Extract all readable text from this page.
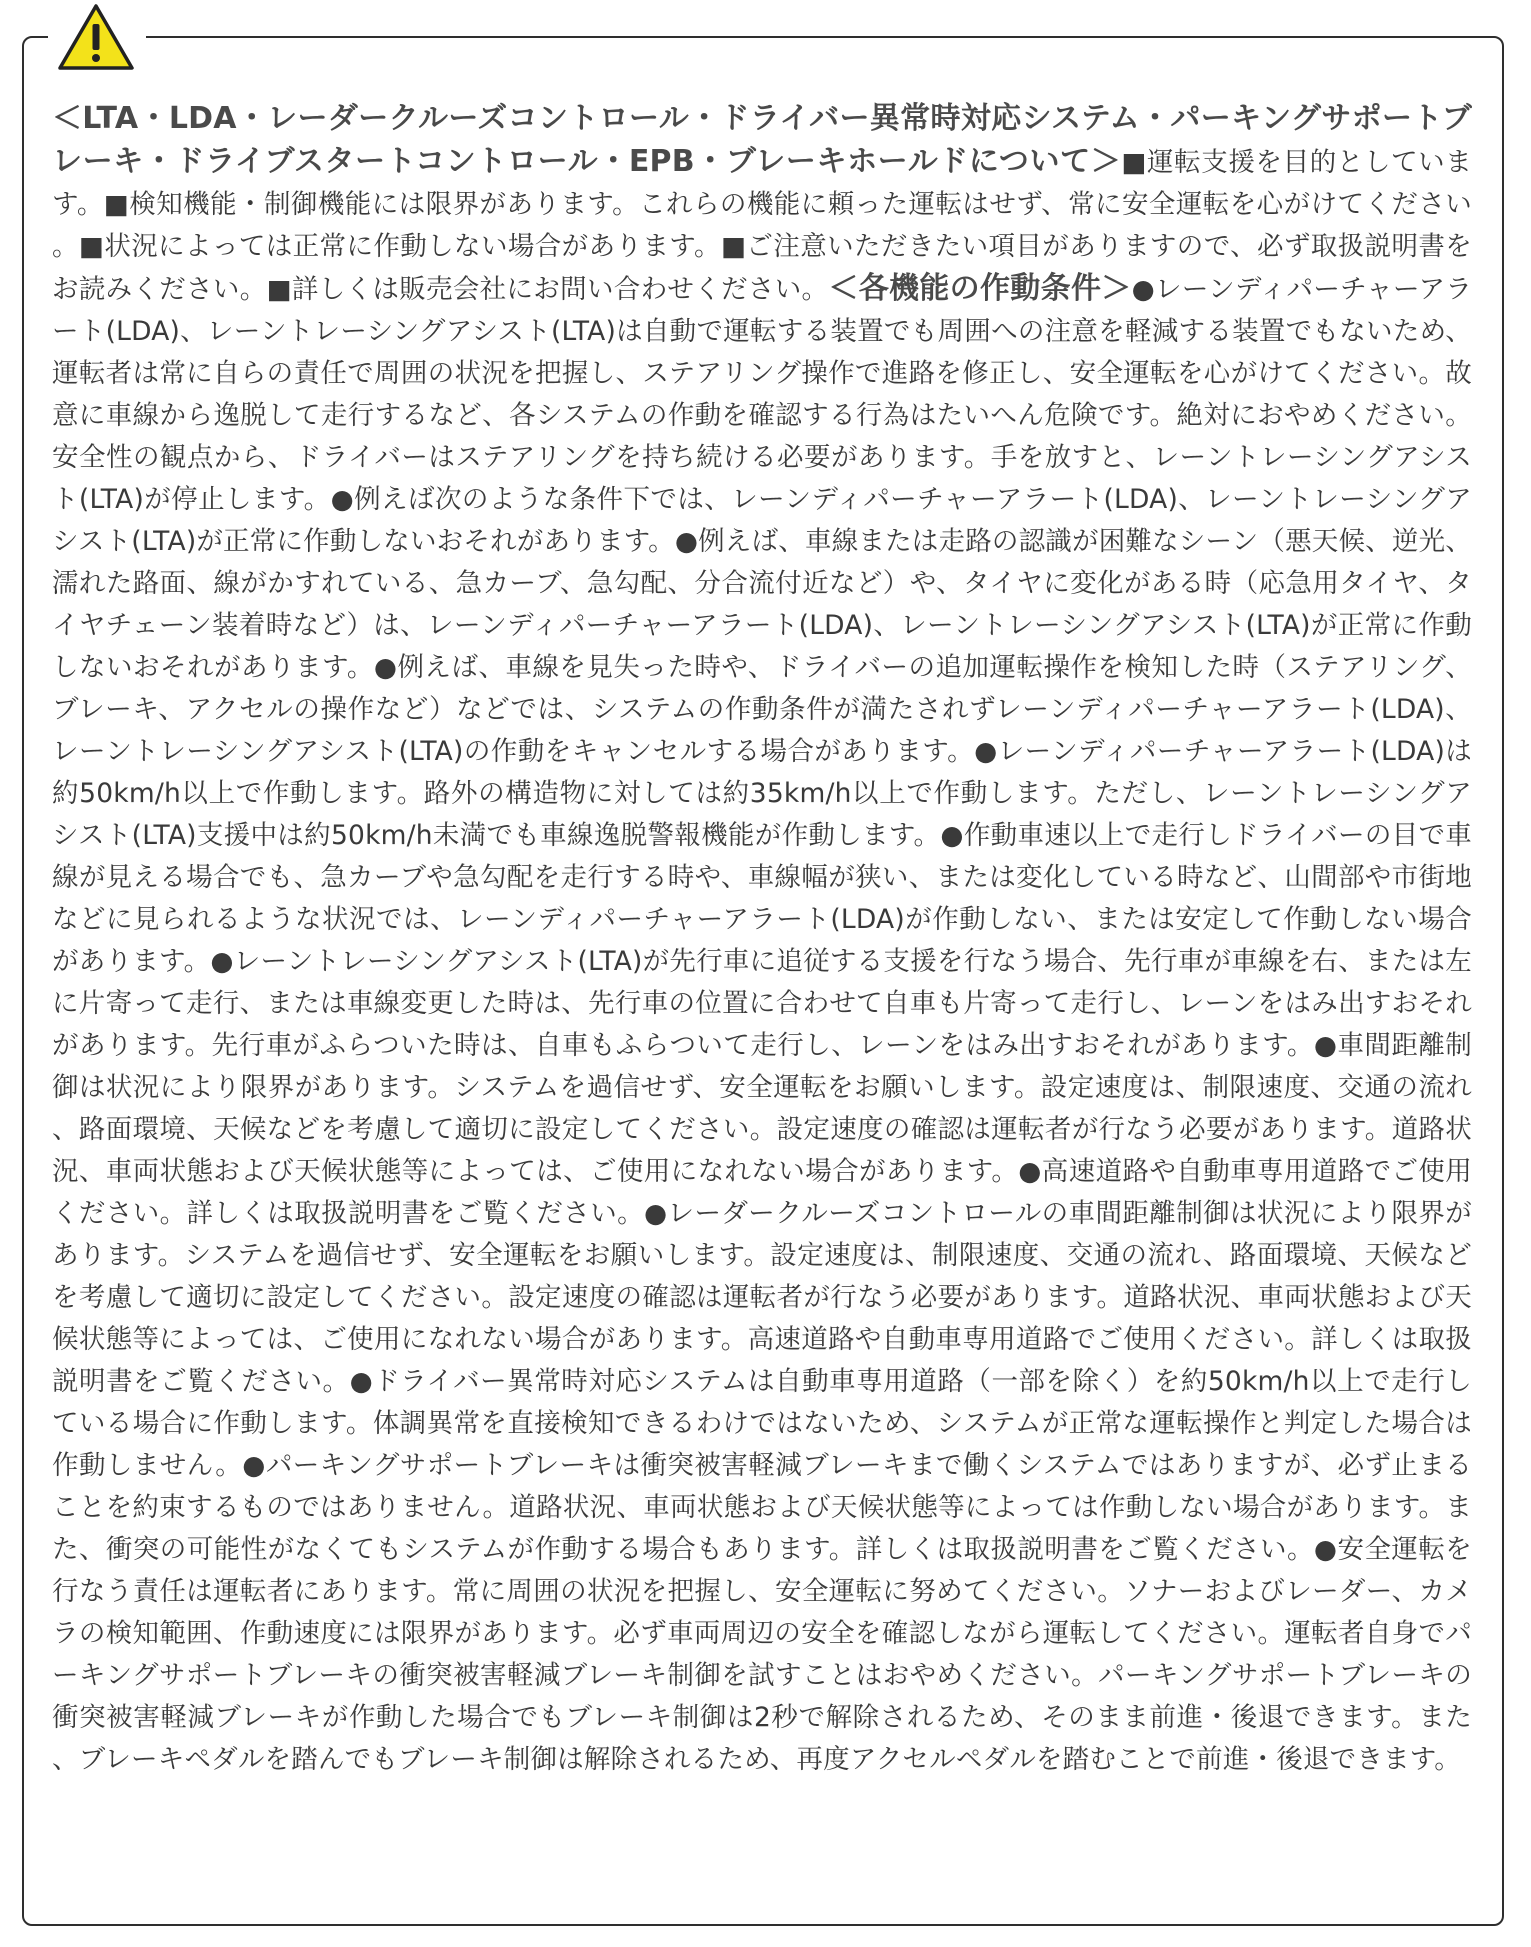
＜LTA・LDA・レーダークルーズコントロール・ドライバー異常時対応システム・パーキングサポートブレーキ・ドライブスタートコントロール・EPB・ブレーキホールドについて＞■運転支援を目的としています。■検知機能・制御機能には限界があります。これらの機能に頼った運転はせず、常に安全運転を心がけてください。■状況によっては正常に作動しない場合があります。■ご注意いただきたい項目がありますので、必ず取扱説明書をお読みください。■詳しくは販売会社にお問い合わせください。＜各機能の作動条件＞●レーンディパーチャーアラート(LDA)、レーントレーシングアシスト(LTA)は自動で運転する装置でも周囲への注意を軽減する装置でもないため、運転者は常に自らの責任で周囲の状況を把握し、ステアリング操作で進路を修正し、安全運転を心がけてください。故意に車線から逸脱して走行するなど、各システムの作動を確認する行為はたいへん危険です。絶対におやめください。安全性の観点から、ドライバーはステアリングを持ち続ける必要があります。手を放すと、レーントレーシングアシスト(LTA)が停止します。●例えば次のような条件下では、レーンディパーチャーアラート(LDA)、レーントレーシングアシスト(LTA)が正常に作動しないおそれがあります。●例えば、車線または走路の認識が困難なシーン（悪天候、逆光、濡れた路面、線がかすれている、急カーブ、急勾配、分合流付近など）や、タイヤに変化がある時（応急用タイヤ、タイヤチェーン装着時など）は、レーンディパーチャーアラート(LDA)、レーントレーシングアシスト(LTA)が正常に作動しないおそれがあります。●例えば、車線を見失った時や、ドライバーの追加運転操作を検知した時（ステアリング、ブレーキ、アクセルの操作など）などでは、システムの作動条件が満たされずレーンディパーチャーアラート(LDA)、レーントレーシングアシスト(LTA)の作動をキャンセルする場合があります。●レーンディパーチャーアラート(LDA)は約50km/h以上で作動します。路外の構造物に対しては約35km/h以上で作動します。ただし、レーントレーシングアシスト(LTA)支援中は約50km/h未満でも車線逸脱警報機能が作動します。●作動車速以上で走行しドライバーの目で車線が見える場合でも、急カーブや急勾配を走行する時や、車線幅が狭い、または変化している時など、山間部や市街地などに見られるような状況では、レーンディパーチャーアラート(LDA)が作動しない、または安定して作動しない場合があります。●レーントレーシングアシスト(LTA)が先行車に追従する支援を行なう場合、先行車が車線を右、または左に片寄って走行、または車線変更した時は、先行車の位置に合わせて自車も片寄って走行し、レーンをはみ出すおそれがあります。先行車がふらついた時は、自車もふらついて走行し、レーンをはみ出すおそれがあります。●車間距離制御は状況により限界があります。システムを過信せず、安全運転をお願いします。設定速度は、制限速度、交通の流れ、路面環境、天候などを考慮して適切に設定してください。設定速度の確認は運転者が行なう必要があります。道路状況、車両状態および天候状態等によっては、ご使用になれない場合があります。●高速道路や自動車専用道路でご使用ください。詳しくは取扱説明書をご覧ください。●レーダークルーズコントロールの車間距離制御は状況により限界があります。システムを過信せず、安全運転をお願いします。設定速度は、制限速度、交通の流れ、路面環境、天候などを考慮して適切に設定してください。設定速度の確認は運転者が行なう必要があります。道路状況、車両状態および天候状態等によっては、ご使用になれない場合があります。高速道路や自動車専用道路でご使用ください。詳しくは取扱説明書をご覧ください。●ドライバー異常時対応システムは自動車専用道路（一部を除く）を約50km/h以上で走行している場合に作動します。体調異常を直接検知できるわけではないため、システムが正常な運転操作と判定した場合は作動しません。●パーキングサポートブレーキは衝突被害軽減ブレーキまで働くシステムではありますが、必ず止まることを約束するものではありません。道路状況、車両状態および天候状態等によっては作動しない場合があります。また、衝突の可能性がなくてもシステムが作動する場合もあります。詳しくは取扱説明書をご覧ください。●安全運転を行なう責任は運転者にあります。常に周囲の状況を把握し、安全運転に努めてください。ソナーおよびレーダー、カメラの検知範囲、作動速度には限界があります。必ず車両周辺の安全を確認しながら運転してください。運転者自身でパーキングサポートブレーキの衝突被害軽減ブレーキ制御を試すことはおやめください。パーキングサポートブレーキの衝突被害軽減ブレーキが作動した場合でもブレーキ制御は2秒で解除されるため、そのまま前進・後退できます。また、ブレーキペダルを踏んでもブレーキ制御は解除されるため、再度アクセルペダルを踏むことで前進・後退できます。
